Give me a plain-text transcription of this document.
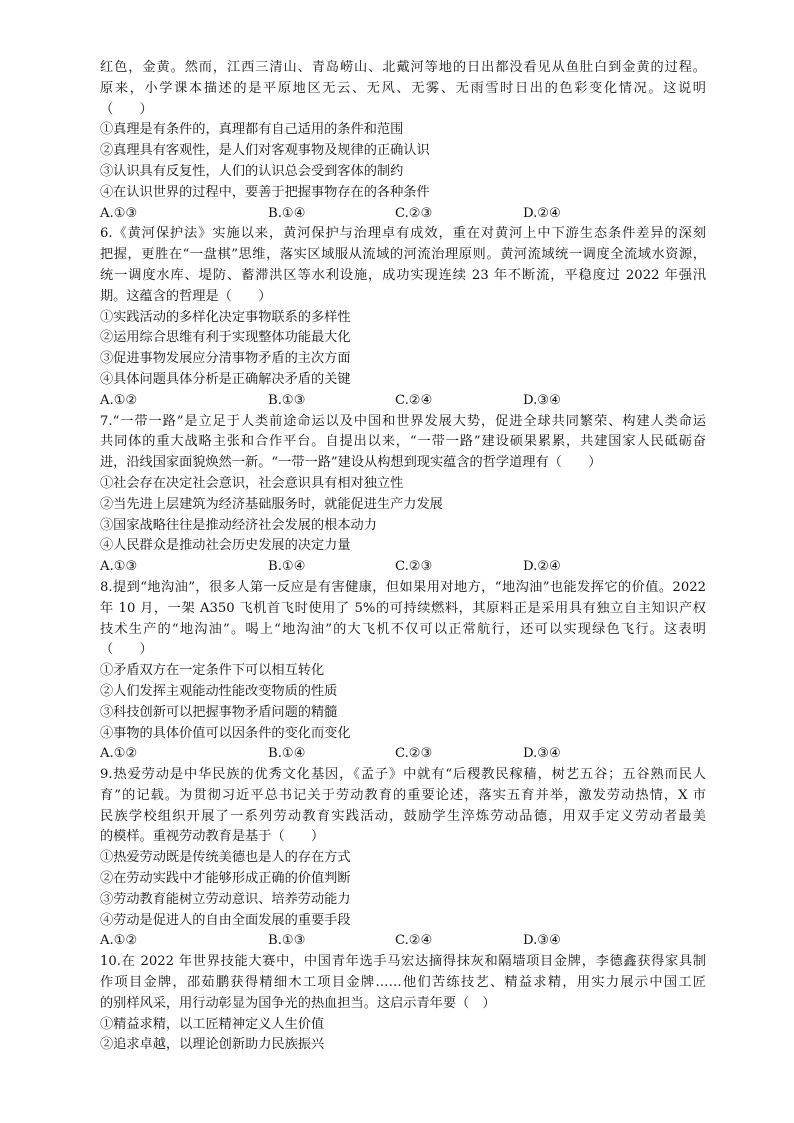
红色，金黄。然而，江西三清山、青岛崂山、北戴河等地的日出都没看见从鱼肚白到金黄的过程。
原来，小学课本描述的是平原地区无云、无风、无雾、无雨雪时日出的色彩变化情况。这说明
（　　）
①真理是有条件的，真理都有自己适用的条件和范围
②真理具有客观性，是人们对客观事物及规律的正确认识
③认识具有反复性，人们的认识总会受到客体的制约
④在认识世界的过程中，要善于把握事物存在的各种条件
A.①③	B.①④	C.②③	D.②④
6.《黄河保护法》实施以来，黄河保护与治理卓有成效，重在对黄河上中下游生态条件差异的深刻
把握，更胜在“一盘棋”思维，落实区域服从流域的河流治理原则。黄河流域统一调度全流域水资源，
统一调度水库、堤防、蓄滞洪区等水利设施，成功实现连续 23 年不断流，平稳度过 2022 年强汛
期。这蕴含的哲理是（　　）
①实践活动的多样化决定事物联系的多样性
②运用综合思维有利于实现整体功能最大化
③促进事物发展应分清事物矛盾的主次方面
④具体问题具体分析是正确解决矛盾的关键
A.①②	B.①③	C.②④	D.③④
7.“一带一路”是立足于人类前途命运以及中国和世界发展大势，促进全球共同繁荣、构建人类命运
共同体的重大战略主张和合作平台。自提出以来，“一带一路”建设硕果累累，共建国家人民砥砺奋
进，沿线国家面貌焕然一新。“一带一路”建设从构想到现实蕴含的哲学道理有（　　）
①社会存在决定社会意识，社会意识具有相对独立性
②当先进上层建筑为经济基础服务时，就能促进生产力发展
③国家战略往往是推动经济社会发展的根本动力
④人民群众是推动社会历史发展的决定力量
A.①③	B.①④	C.②③	D.②④
8.提到“地沟油”，很多人第一反应是有害健康，但如果用对地方，“地沟油”也能发挥它的价值。2022
年 10 月，一架 A350 飞机首飞时使用了 5%的可持续燃料，其原料正是采用具有独立自主知识产权
技术生产的“地沟油”。喝上“地沟油”的大飞机不仅可以正常航行，还可以实现绿色飞行。这表明
（　　）
①矛盾双方在一定条件下可以相互转化
②人们发挥主观能动性能改变物质的性质
③科技创新可以把握事物矛盾问题的精髓
④事物的具体价值可以因条件的变化而变化
A.①②	B.①④	C.②③	D.③④
9.热爱劳动是中华民族的优秀文化基因，《孟子》中就有“后稷教民稼穑，树艺五谷；五谷熟而民人
育”的记载。为贯彻习近平总书记关于劳动教育的重要论述，落实五育并举，激发劳动热情，X 市
民族学校组织开展了一系列劳动教育实践活动，鼓励学生淬炼劳动品德，用双手定义劳动者最美
的模样。重视劳动教育是基于（　　）
①热爱劳动既是传统美德也是人的存在方式
②在劳动实践中才能够形成正确的价值判断
③劳动教育能树立劳动意识、培养劳动能力
④劳动是促进人的自由全面发展的重要手段
A.①②	B.①③	C.②④	D.③④
10.在 2022 年世界技能大赛中，中国青年选手马宏达摘得抹灰和隔墙项目金牌，李德鑫获得家具制
作项目金牌，邵茹鹏获得精细木工项目金牌……他们苦练技艺、精益求精，用实力展示中国工匠
的别样风采，用行动彰显为国争光的热血担当。这启示青年要（　）
①精益求精，以工匠精神定义人生价值
②追求卓越，以理论创新助力民族振兴
